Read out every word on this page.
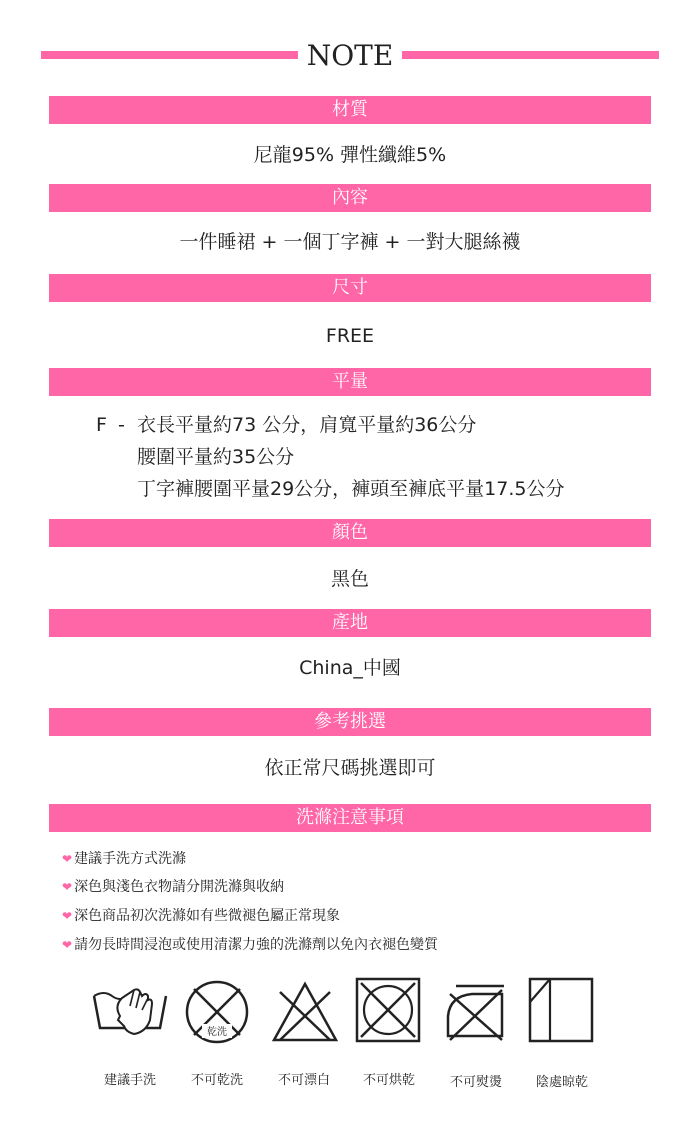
NOTE
材質
尼龍95% 彈性纖維5%
內容
一件睡裙 + 一個丁字褲 + 一對大腿絲襪
尺寸
FREE
平量
F - 衣長平量約73 公分，肩寬平量約36公分
腰圍平量約35公分
丁字褲腰圍平量29公分，褲頭至褲底平量17.5公分
顏色
黑色
產地
China_中國
參考挑選
依正常尺碼挑選即可
洗滌注意事項
❤ 建議手洗方式洗滌
❤ 深色與淺色衣物請分開洗滌與收納
❤ 深色商品初次洗滌如有些微褪色屬正常現象
❤ 請勿長時間浸泡或使用清潔力強的洗滌劑以免內衣褪色變質
乾洗
建議手洗	不可乾洗	不可漂白	不可烘乾	不可熨燙	陰處晾乾
